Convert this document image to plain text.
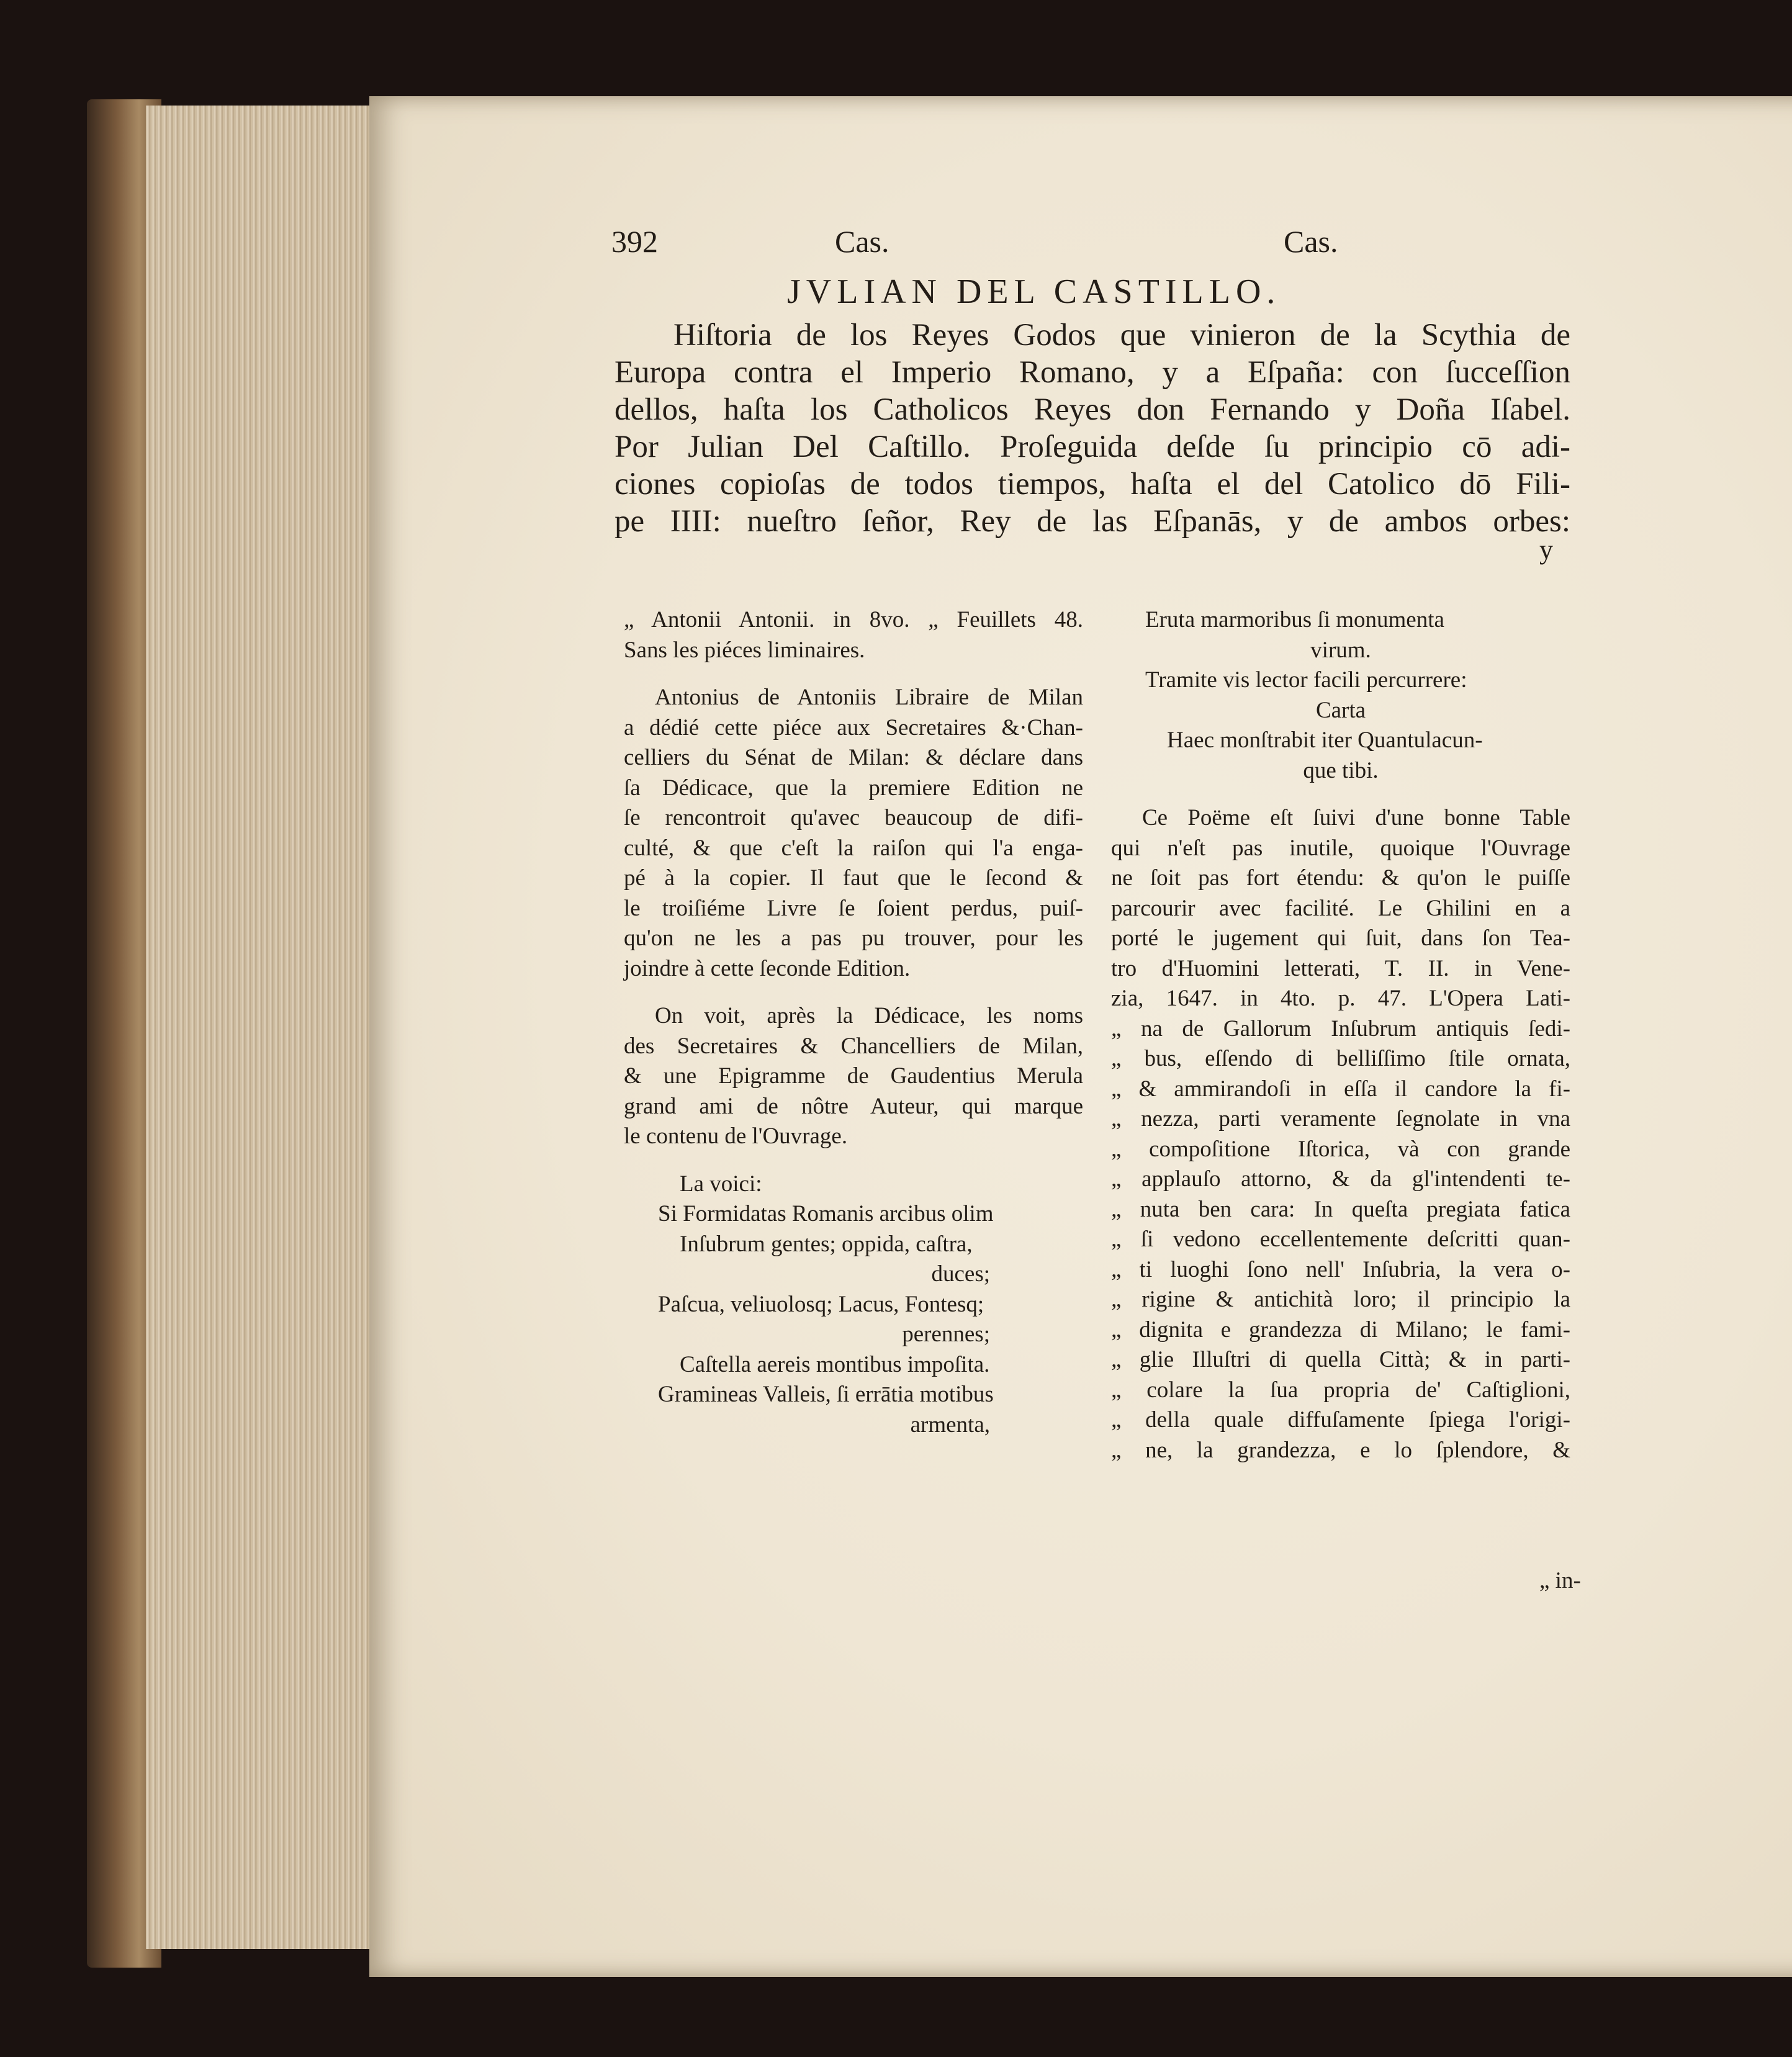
392	Cas.	Cas.
JVLIAN DEL CASTILLO.
Hiſtoria de los Reyes Godos que vinieron de la Scythia de
Europa contra el Imperio Romano, y a Eſpaña: con ſucceſſion
dellos, haſta los Catholicos Reyes don Fernando y Doña Iſabel.
Por Julian Del Caſtillo. Proſeguida deſde ſu principio cō adi-
ciones copioſas de todos tiempos, haſta el del Catolico dō Fili-
pe IIII: nueſtro ſeñor, Rey de las Eſpanās, y de ambos orbes:
y
„ Antonii Antonii. in 8vo. „ Feuillets 48.
Sans les piéces liminaires.
Antonius de Antoniis Libraire de Milan
a dédié cette piéce aux Secretaires &·Chan-
celliers du Sénat de Milan: & déclare dans
ſa Dédicace, que la premiere Edition ne
ſe rencontroit qu'avec beaucoup de difi-
culté, & que c'eſt la raiſon qui l'a enga-
pé à la copier. Il faut que le ſecond &
le troiſiéme Livre ſe ſoient perdus, puiſ-
qu'on ne les a pas pu trouver, pour les
joindre à cette ſeconde Edition.
On voit, après la Dédicace, les noms
des Secretaires & Chancelliers de Milan,
& une Epigramme de Gaudentius Merula
grand ami de nôtre Auteur, qui marque
le contenu de l'Ouvrage.
La voici:
Si Formidatas Romanis arcibus olim
Inſubrum gentes; oppida, caſtra,
duces;
Paſcua, veliuolosq; Lacus, Fontesq;
perennes;
Caſtella aereis montibus impoſita.
Gramineas Valleis, ſi errātia motibus
armenta,
Eruta marmoribus ſi monumenta
virum.
Tramite vis lector facili percurrere:
Carta
Haec monſtrabit iter Quantulacun-
que tibi.
Ce Poëme eſt ſuivi d'une bonne Table
qui n'eſt pas inutile, quoique l'Ouvrage
ne ſoit pas fort étendu: & qu'on le puiſſe
parcourir avec facilité. Le Ghilini en a
porté le jugement qui ſuit, dans ſon Tea-
tro d'Huomini letterati, T. II. in Vene-
zia, 1647. in 4to. p. 47. L'Opera Lati-
„ na de Gallorum Inſubrum antiquis ſedi-
„ bus, eſſendo di belliſſimo ſtile ornata,
„ & ammirandoſi in eſſa il candore la fi-
„ nezza, parti veramente ſegnolate in vna
„ compoſitione Iſtorica, và con grande
„ applauſo attorno, & da gl'intendenti te-
„ nuta ben cara: In queſta pregiata fatica
„ ſi vedono eccellentemente deſcritti quan-
„ ti luoghi ſono nell' Inſubria, la vera o-
„ rigine & antichità loro; il principio la
„ dignita e grandezza di Milano; le fami-
„ glie Illuſtri di quella Città; & in parti-
„ colare la ſua propria de' Caſtiglioni,
„ della quale diffuſamente ſpiega l'origi-
„ ne, la grandezza, e lo ſplendore, &
„ in-
